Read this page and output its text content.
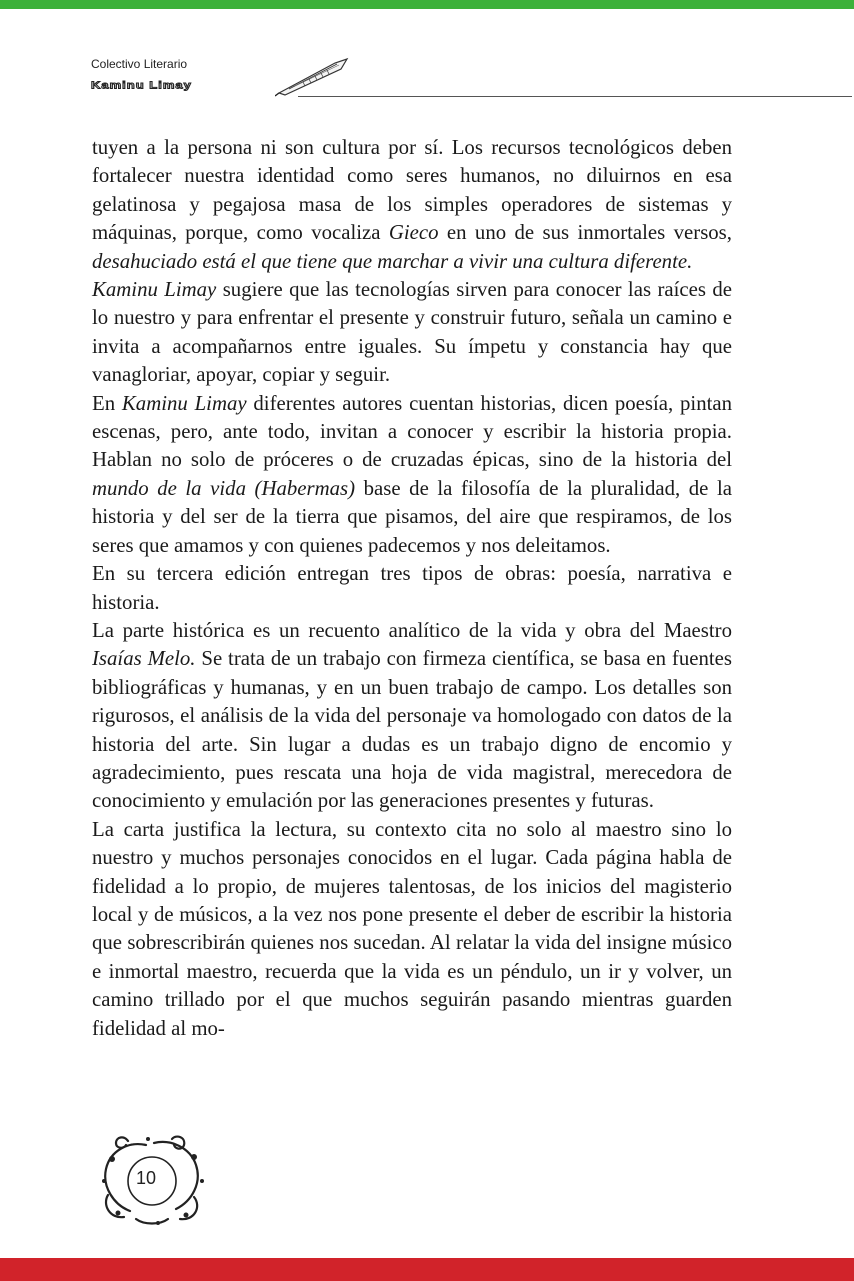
Colectivo Literario
Kaminu Limay

tuyen a la persona ni son cultura por sí. Los recursos tecnológicos deben fortalecer nuestra identidad como seres humanos, no diluirnos en esa gelatinosa y pegajosa masa de los simples operadores de sistemas y máquinas, porque, como vocaliza Gieco en uno de sus inmortales versos, desahuciado está el que tiene que marchar a vivir una cultura diferente.

Kaminu Limay sugiere que las tecnologías sirven para conocer las raíces de lo nuestro y para enfrentar el presente y construir futuro, señala un camino e invita a acompañarnos entre iguales. Su ímpetu y constancia hay que vanagloriar, apoyar, copiar y seguir.

En Kaminu Limay diferentes autores cuentan historias, dicen poesía, pintan escenas, pero, ante todo, invitan a conocer y escribir la historia propia. Hablan no solo de próceres o de cruzadas épicas, sino de la historia del mundo de la vida (Habermas) base de la filosofía de la pluralidad, de la historia y del ser de la tierra que pisamos, del aire que respiramos, de los seres que amamos y con quienes padecemos y nos deleitamos.

En su tercera edición entregan tres tipos de obras: poesía, narrativa e historia.

La parte histórica es un recuento analítico de la vida y obra del Maestro Isaías Melo. Se trata de un trabajo con firmeza científica, se basa en fuentes bibliográficas y humanas, y en un buen trabajo de campo. Los detalles son rigurosos, el análisis de la vida del personaje va homologado con datos de la historia del arte. Sin lugar a dudas es un trabajo digno de encomio y agradecimiento, pues rescata una hoja de vida magistral, merecedora de conocimiento y emulación por las generaciones presentes y futuras.

La carta justifica la lectura, su contexto cita no solo al maestro sino lo nuestro y muchos personajes conocidos en el lugar. Cada página habla de fidelidad a lo propio, de mujeres talentosas, de los inicios del magisterio local y de músicos, a la vez nos pone presente el deber de escribir la historia que sobrescribirán quienes nos sucedan. Al relatar la vida del insigne músico e inmortal maestro, recuerda que la vida es un péndulo, un ir y volver, un camino trillado por el que muchos seguirán pasando mientras guarden fidelidad al mo-

10
